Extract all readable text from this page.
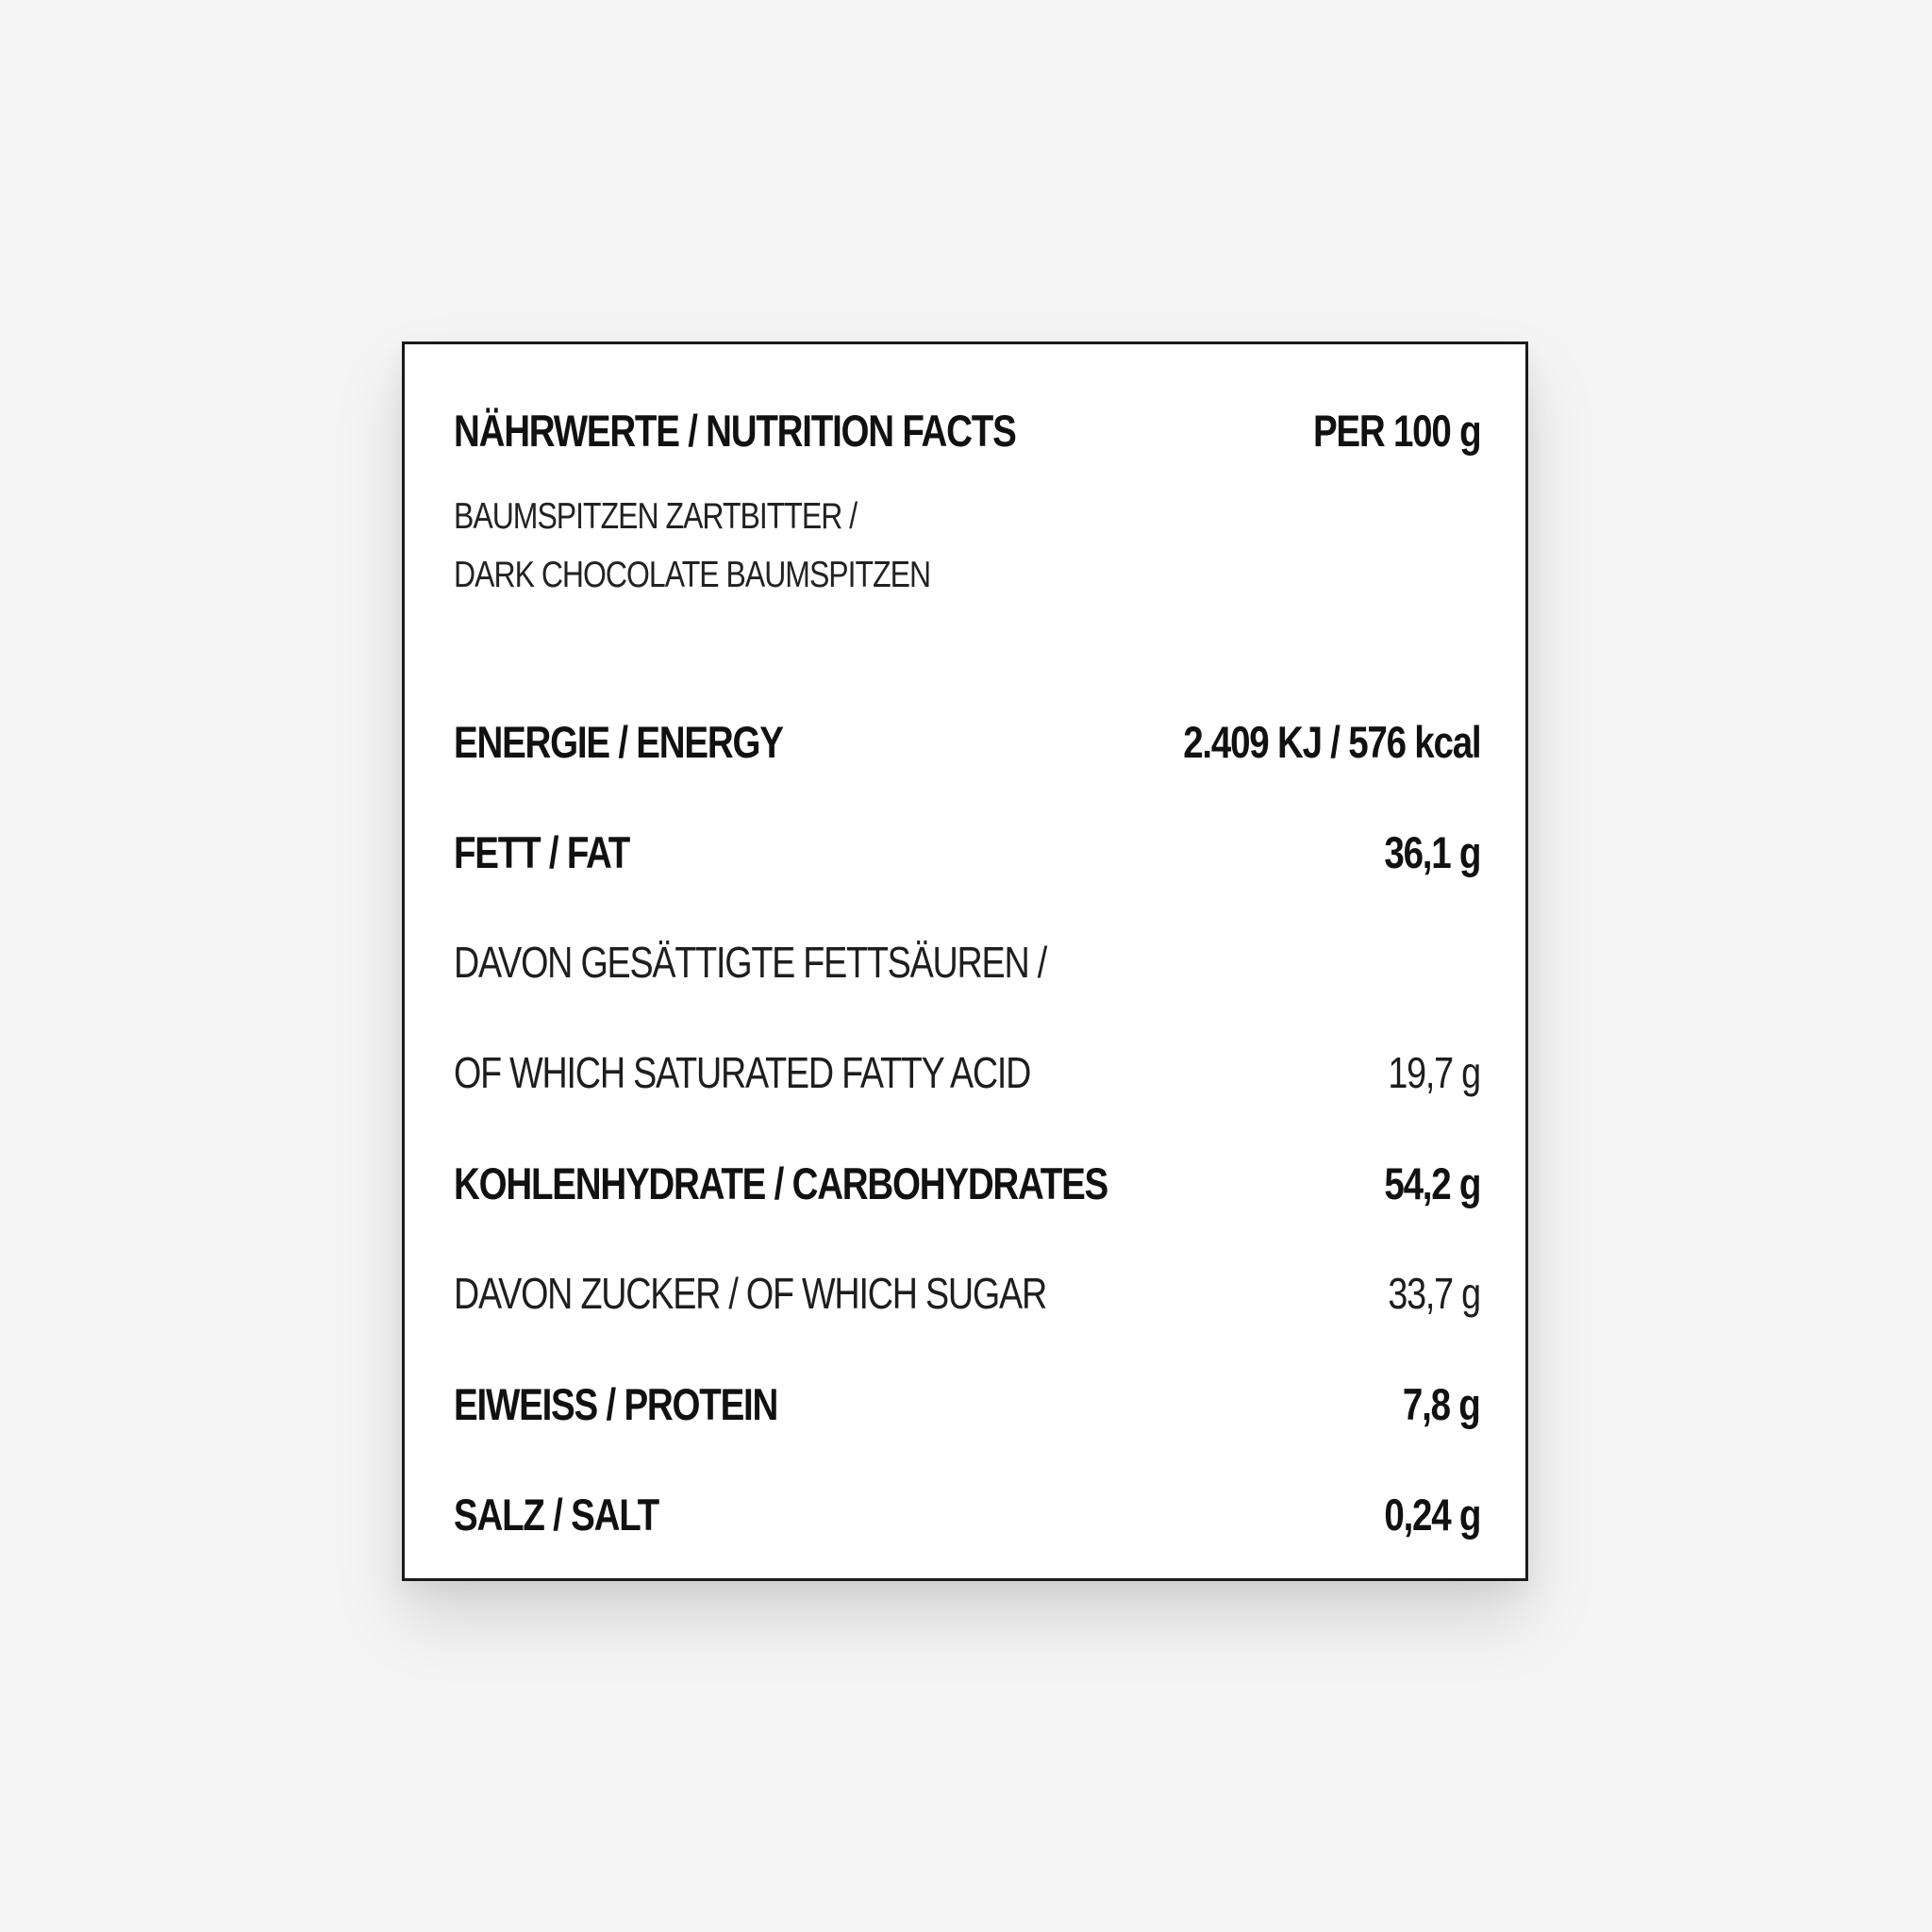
NÄHRWERTE / NUTRITION FACTS	PER 100 g
BAUMSPITZEN ZARTBITTER /
DARK CHOCOLATE BAUMSPITZEN
ENERGIE / ENERGY	2.409 KJ / 576 kcal
FETT / FAT	36,1 g
DAVON GESÄTTIGTE FETTSÄUREN /
OF WHICH SATURATED FATTY ACID	19,7 g
KOHLENHYDRATE / CARBOHYDRATES	54,2 g
DAVON ZUCKER / OF WHICH SUGAR	33,7 g
EIWEISS / PROTEIN	7,8 g
SALZ / SALT	0,24 g
